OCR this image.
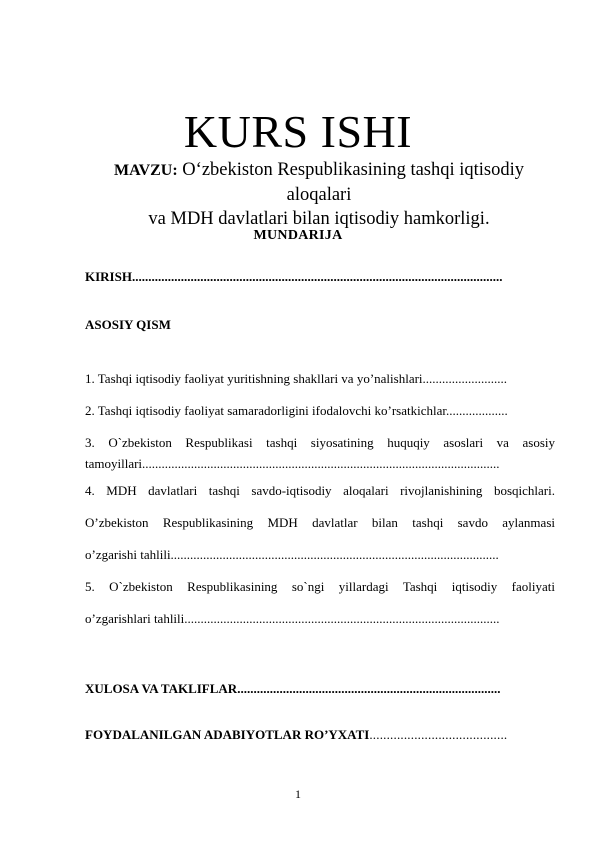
KURS ISHI
MAVZU: O‘zbekiston Respublikasining tashqi iqtisodiy aloqalari
va MDH davlatlari bilan iqtisodiy hamkorligi.
MUNDARIJA
KIRISH..................................................................................................................
ASOSIY QISM
1. Tashqi iqtisodiy faoliyat yuritishning shakllari va yo’nalishlari..........................
2. Tashqi iqtisodiy faoliyat samaradorligini ifodalovchi ko’rsatkichlar...................
3. O`zbekiston Respublikasi tashqi siyosatining huquqiy asoslari va asosiy
tamoyillari..............................................................................................................
4. MDH davlatlari tashqi savdo-iqtisodiy aloqalari rivojlanishining bosqichlari.
O’zbekiston Respublikasining MDH davlatlar bilan tashqi savdo aylanmasi
o’zgarishi tahlili.....................................................................................................
5. O`zbekiston Respublikasining so`ngi yillardagi Tashqi iqtisodiy faoliyati
o’zgarishlari tahlili.................................................................................................
XULOSA VA TAKLIFLAR.................................................................................
FOYDALANILGAN ADABIYOTLAR RO’YXATI........................................
1
